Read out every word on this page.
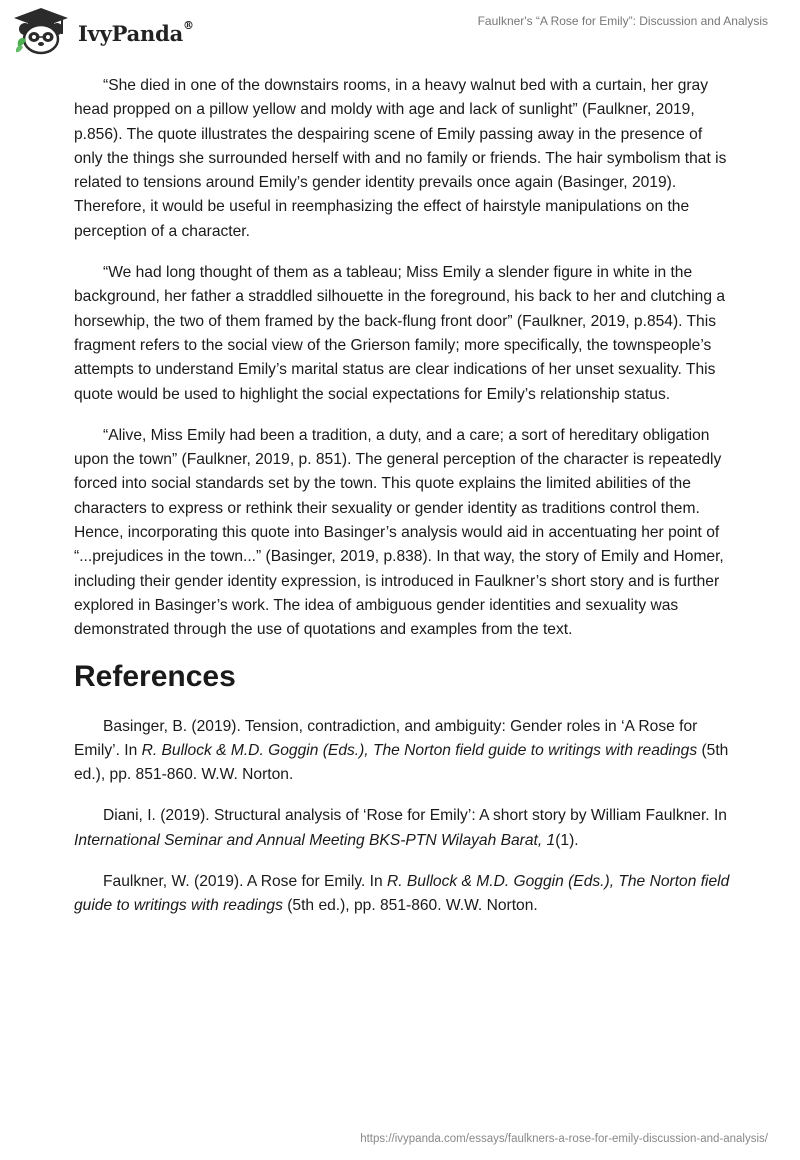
IvyPanda®	Faulkner's “A Rose for Emily”: Discussion and Analysis

“She died in one of the downstairs rooms, in a heavy walnut bed with a curtain, her gray head propped on a pillow yellow and moldy with age and lack of sunlight” (Faulkner, 2019, p.856). The quote illustrates the despairing scene of Emily passing away in the presence of only the things she surrounded herself with and no family or friends. The hair symbolism that is related to tensions around Emily’s gender identity prevails once again (Basinger, 2019). Therefore, it would be useful in reemphasizing the effect of hairstyle manipulations on the perception of a character.

“We had long thought of them as a tableau; Miss Emily a slender figure in white in the background, her father a straddled silhouette in the foreground, his back to her and clutching a horsewhip, the two of them framed by the back-flung front door” (Faulkner, 2019, p.854). This fragment refers to the social view of the Grierson family; more specifically, the townspeople’s attempts to understand Emily’s marital status are clear indications of her unset sexuality. This quote would be used to highlight the social expectations for Emily’s relationship status.

“Alive, Miss Emily had been a tradition, a duty, and a care; a sort of hereditary obligation upon the town” (Faulkner, 2019, p. 851). The general perception of the character is repeatedly forced into social standards set by the town. This quote explains the limited abilities of the characters to express or rethink their sexuality or gender identity as traditions control them. Hence, incorporating this quote into Basinger’s analysis would aid in accentuating her point of “...prejudices in the town...” (Basinger, 2019, p.838). In that way, the story of Emily and Homer, including their gender identity expression, is introduced in Faulkner’s short story and is further explored in Basinger’s work. The idea of ambiguous gender identities and sexuality was demonstrated through the use of quotations and examples from the text.

References

Basinger, B. (2019). Tension, contradiction, and ambiguity: Gender roles in ‘A Rose for Emily’. In R. Bullock & M.D. Goggin (Eds.), The Norton field guide to writings with readings (5th ed.), pp. 851-860. W.W. Norton.

Diani, I. (2019). Structural analysis of ‘Rose for Emily’: A short story by William Faulkner. In International Seminar and Annual Meeting BKS-PTN Wilayah Barat, 1(1).

Faulkner, W. (2019). A Rose for Emily. In R. Bullock & M.D. Goggin (Eds.), The Norton field guide to writings with readings (5th ed.), pp. 851-860. W.W. Norton.

https://ivypanda.com/essays/faulkners-a-rose-for-emily-discussion-and-analysis/
